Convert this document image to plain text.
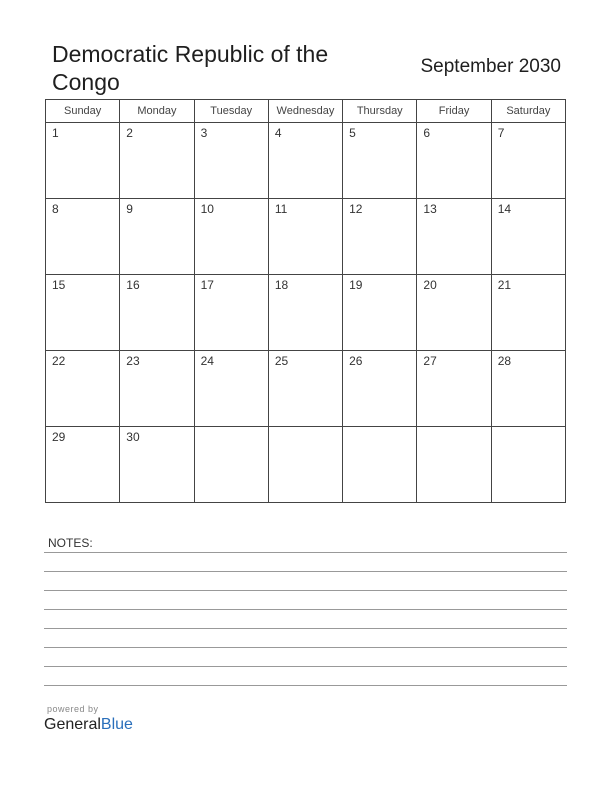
Democratic Republic of the Congo
September 2030
Sunday	Monday	Tuesday	Wednesday	Thursday	Friday	Saturday

1	2	3	4	5	6	7

8	9	10	11	12	13	14

15	16	17	18	19	20	21

22	23	24	25	26	27	28

29	30					

NOTES:
powered by
GeneralBlue
